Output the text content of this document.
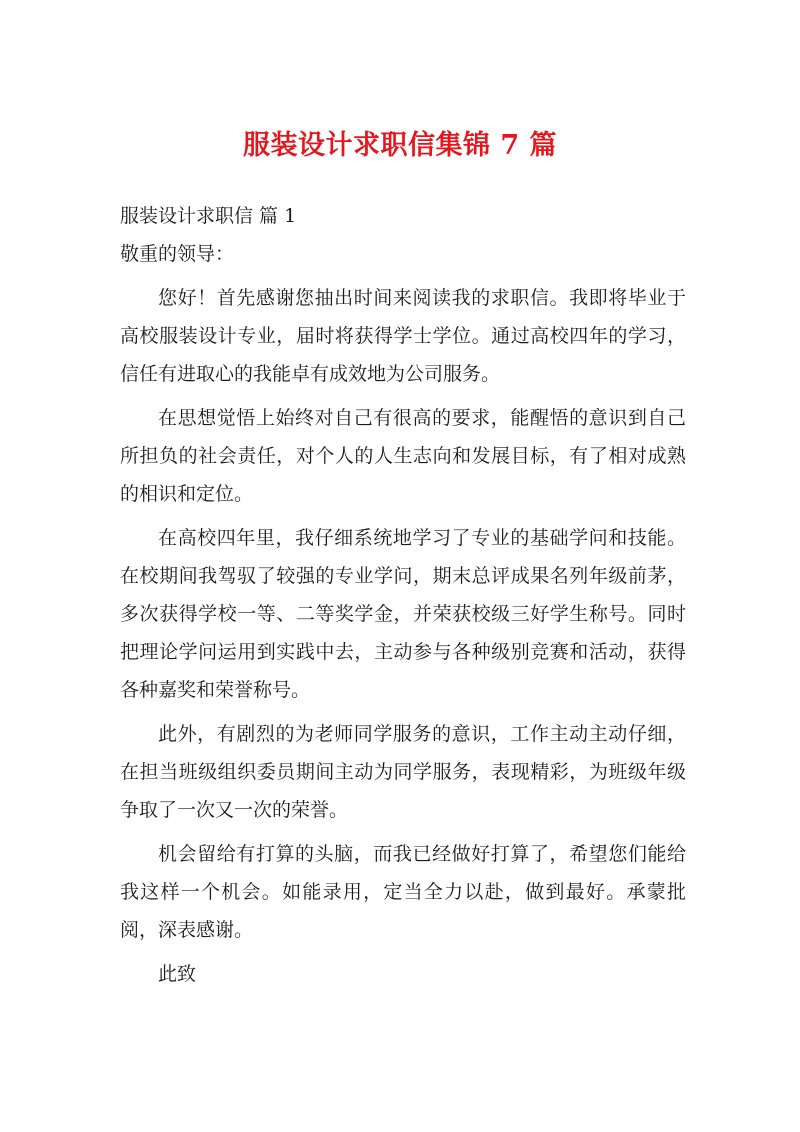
服装设计求职信集锦 7 篇

服装设计求职信 篇 1

敬重的领导：

您好！首先感谢您抽出时间来阅读我的求职信。我即将毕业于高校服装设计专业，届时将获得学士学位。通过高校四年的学习，信任有进取心的我能卓有成效地为公司服务。

在思想觉悟上始终对自己有很高的要求，能醒悟的意识到自己所担负的社会责任，对个人的人生志向和发展目标，有了相对成熟的相识和定位。

在高校四年里，我仔细系统地学习了专业的基础学问和技能。在校期间我驾驭了较强的专业学问，期末总评成果名列年级前茅，多次获得学校一等、二等奖学金，并荣获校级三好学生称号。同时把理论学问运用到实践中去，主动参与各种级别竞赛和活动，获得各种嘉奖和荣誉称号。

此外，有剧烈的为老师同学服务的意识，工作主动主动仔细，在担当班级组织委员期间主动为同学服务，表现精彩，为班级年级争取了一次又一次的荣誉。

机会留给有打算的头脑，而我已经做好打算了，希望您们能给我这样一个机会。如能录用，定当全力以赴，做到最好。承蒙批阅，深表感谢。

此致
